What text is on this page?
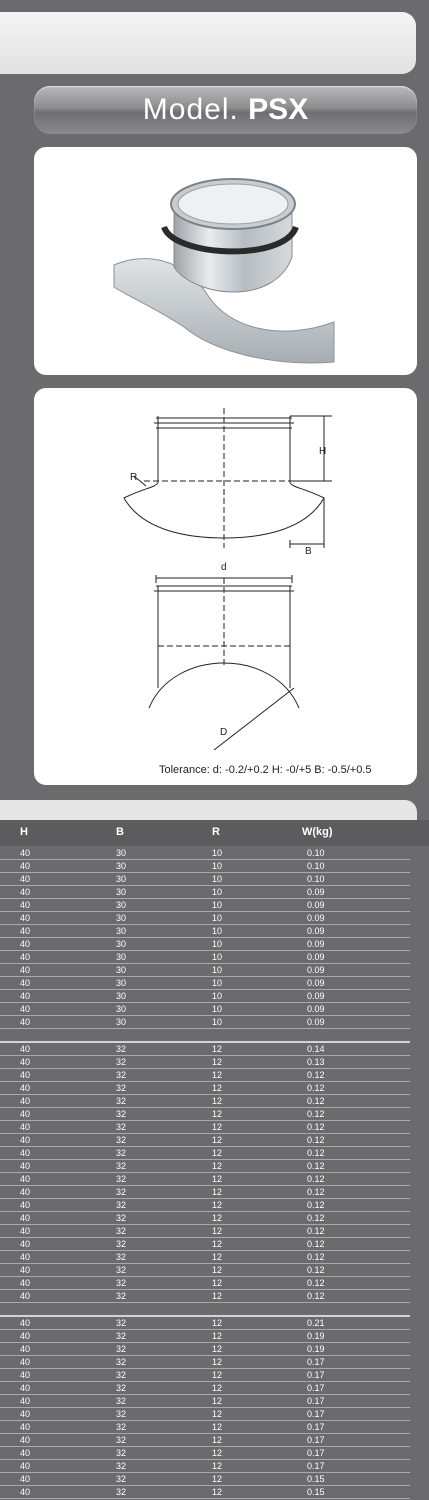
Model. PSX
H
R
B
d
D
Tolerance: d: -0.2/+0.2 H: -0/+5 B: -0.5/+0.5
H	B	R	W(kg)
40	30	10	0.10
40	30	10	0.10
40	30	10	0.10
40	30	10	0.09
40	30	10	0.09
40	30	10	0.09
40	30	10	0.09
40	30	10	0.09
40	30	10	0.09
40	30	10	0.09
40	30	10	0.09
40	30	10	0.09
40	30	10	0.09
40	30	10	0.09
40	32	12	0.14
40	32	12	0.13
40	32	12	0.12
40	32	12	0.12
40	32	12	0.12
40	32	12	0.12
40	32	12	0.12
40	32	12	0.12
40	32	12	0.12
40	32	12	0.12
40	32	12	0.12
40	32	12	0.12
40	32	12	0.12
40	32	12	0.12
40	32	12	0.12
40	32	12	0.12
40	32	12	0.12
40	32	12	0.12
40	32	12	0.12
40	32	12	0.12
40	32	12	0.21
40	32	12	0.19
40	32	12	0.19
40	32	12	0.17
40	32	12	0.17
40	32	12	0.17
40	32	12	0.17
40	32	12	0.17
40	32	12	0.17
40	32	12	0.17
40	32	12	0.17
40	32	12	0.17
40	32	12	0.15
40	32	12	0.15
